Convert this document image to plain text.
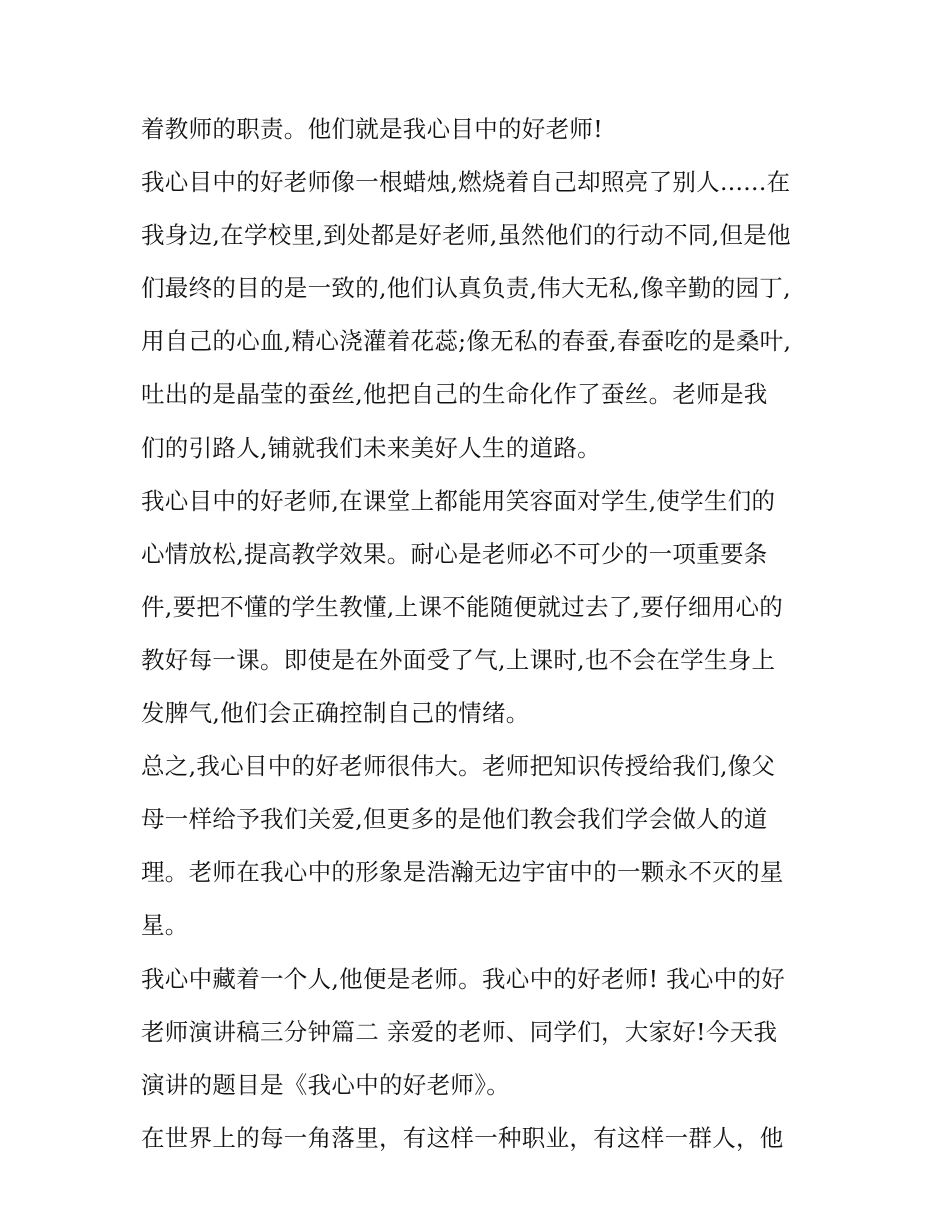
着教师的职责。他们就是我心目中的好老师!
我心目中的好老师像一根蜡烛,燃烧着自己却照亮了别人......在
我身边,在学校里,到处都是好老师,虽然他们的行动不同,但是他
们最终的目的是一致的,他们认真负责,伟大无私,像辛勤的园丁,
用自己的心血,精心浇灌着花蕊;像无私的春蚕,春蚕吃的是桑叶,
吐出的是晶莹的蚕丝,他把自己的生命化作了蚕丝。老师是我
们的引路人,铺就我们未来美好人生的道路。
我心目中的好老师,在课堂上都能用笑容面对学生,使学生们的
心情放松,提高教学效果。耐心是老师必不可少的一项重要条
件,要把不懂的学生教懂,上课不能随便就过去了,要仔细用心的
教好每一课。即使是在外面受了气,上课时,也不会在学生身上
发脾气,他们会正确控制自己的情绪。
总之,我心目中的好老师很伟大。老师把知识传授给我们,像父
母一样给予我们关爱,但更多的是他们教会我们学会做人的道
理。老师在我心中的形象是浩瀚无边宇宙中的一颗永不灭的星
星。
我心中藏着一个人,他便是老师。我心中的好老师! 我心中的好
老师演讲稿三分钟篇二 亲爱的老师、同学们，大家好!今天我
演讲的题目是《我心中的好老师》。
在世界上的每一角落里，有这样一种职业，有这样一群人，他
